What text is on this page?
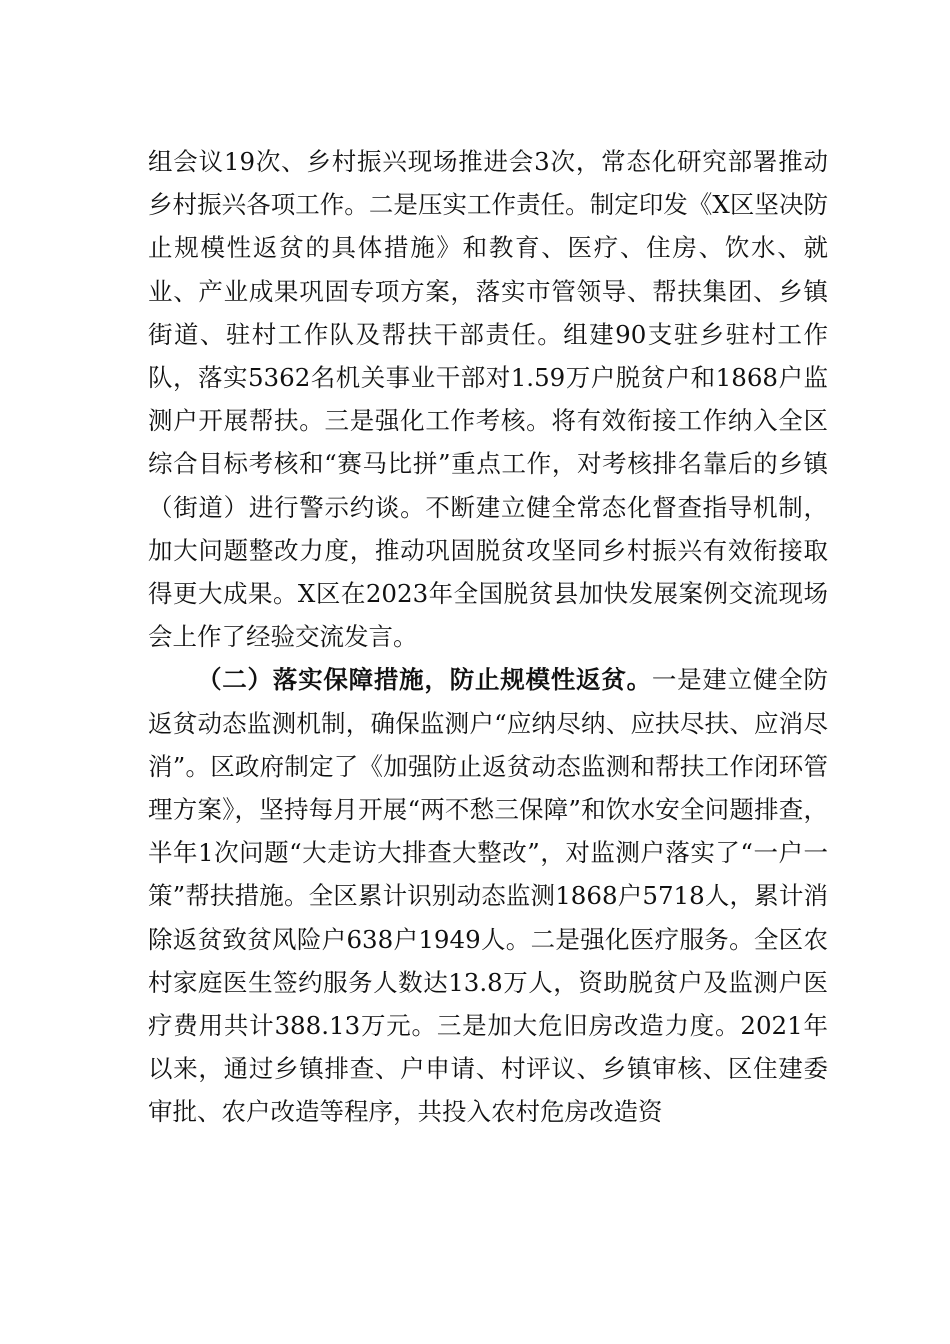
组会议19次、乡村振兴现场推进会3次，常态化研究部署推动乡村振兴各项工作。二是压实工作责任。制定印发《X区坚决防止规模性返贫的具体措施》和教育、医疗、住房、饮水、就业、产业成果巩固专项方案，落实市管领导、帮扶集团、乡镇街道、驻村工作队及帮扶干部责任。组建90支驻乡驻村工作队，落实5362名机关事业干部对1.59万户脱贫户和1868户监测户开展帮扶。三是强化工作考核。将有效衔接工作纳入全区综合目标考核和“赛马比拼”重点工作，对考核排名靠后的乡镇（街道）进行警示约谈。不断建立健全常态化督查指导机制，加大问题整改力度，推动巩固脱贫攻坚同乡村振兴有效衔接取得更大成果。X区在2023年全国脱贫县加快发展案例交流现场会上作了经验交流发言。

（二）落实保障措施，防止规模性返贫。一是建立健全防返贫动态监测机制，确保监测户“应纳尽纳、应扶尽扶、应消尽消”。区政府制定了《加强防止返贫动态监测和帮扶工作闭环管理方案》，坚持每月开展“两不愁三保障”和饮水安全问题排查，半年1次问题“大走访大排查大整改”，对监测户落实了“一户一策”帮扶措施。全区累计识别动态监测1868户5718人，累计消除返贫致贫风险户638户1949人。二是强化医疗服务。全区农村家庭医生签约服务人数达13.8万人，资助脱贫户及监测户医疗费用共计388.13万元。三是加大危旧房改造力度。2021年以来，通过乡镇排查、户申请、村评议、乡镇审核、区住建委审批、农户改造等程序，共投入农村危房改造资
